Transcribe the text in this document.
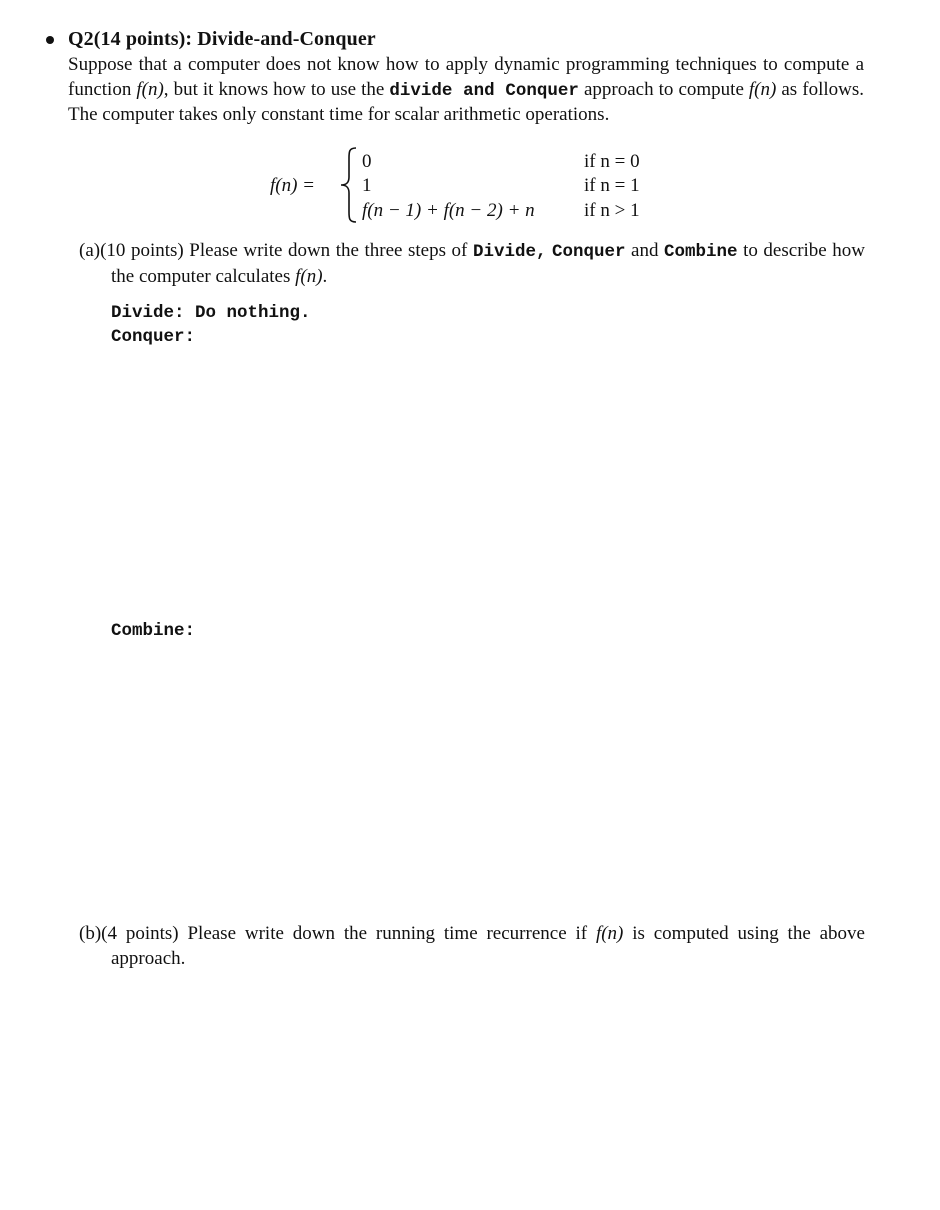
Q2(14 points): Divide-and-Conquer
Suppose that a computer does not know how to apply dynamic programming techniques to compute a function f(n), but it knows how to use the divide and Conquer approach to compute f(n) as follows. The computer takes only constant time for scalar arithmetic operations.
f(n) =
0	if n = 0
1	if n = 1
f(n − 1) + f(n − 2) + n	if n > 1
(a)(10 points) Please write down the three steps of Divide, Conquer and Combine to describe how the computer calculates f(n).
Divide: Do nothing.
Conquer:
Combine:
(b)(4 points) Please write down the running time recurrence if f(n) is computed using the above approach.
